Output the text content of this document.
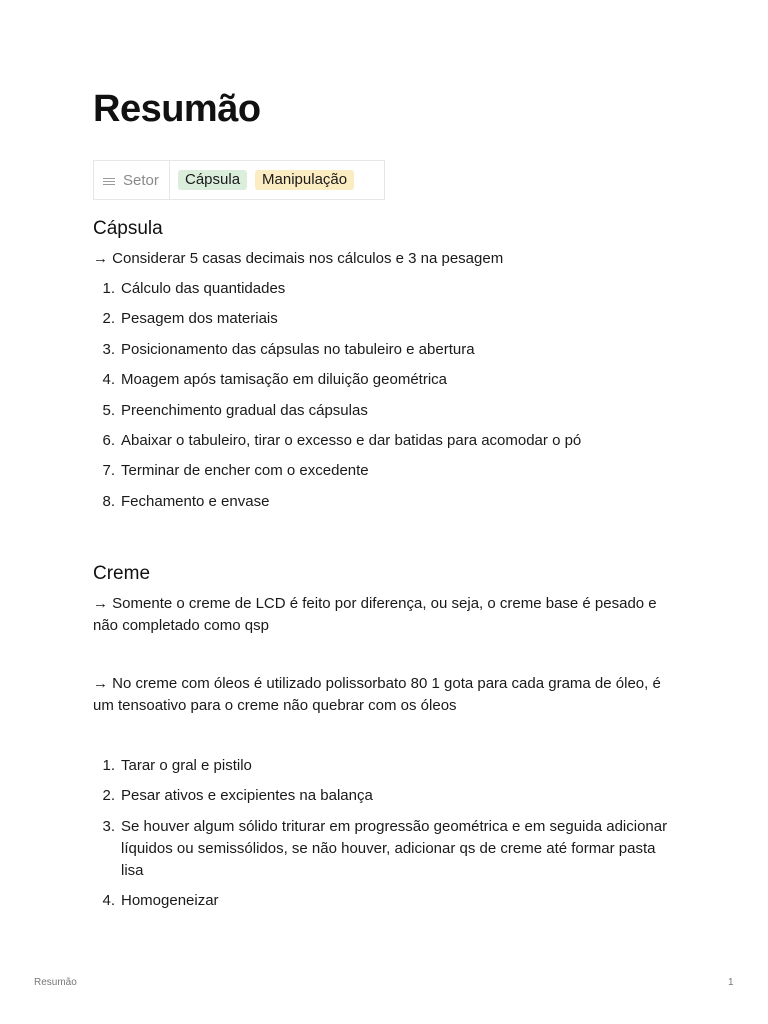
Resumão
Setor	Cápsula	Manipulação
Cápsula

→ Considerar 5 casas decimais nos cálculos e 3 na pesagem

1. Cálculo das quantidades
2. Pesagem dos materiais
3. Posicionamento das cápsulas no tabuleiro e abertura
4. Moagem após tamisação em diluição geométrica
5. Preenchimento gradual das cápsulas
6. Abaixar o tabuleiro, tirar o excesso e dar batidas para acomodar o pó
7. Terminar de encher com o excedente
8. Fechamento e envase
Creme

→ Somente o creme de LCD é feito por diferença, ou seja, o creme base é pesado e não completado como qsp

→ No creme com óleos é utilizado polissorbato 80 1 gota para cada grama de óleo, é um tensoativo para o creme não quebrar com os óleos

1. Tarar o gral e pistilo
2. Pesar ativos e excipientes na balança
3. Se houver algum sólido triturar em progressão geométrica e em seguida adicionar líquidos ou semissólidos, se não houver, adicionar qs de creme até formar pasta lisa
4. Homogeneizar
Resumão	1
